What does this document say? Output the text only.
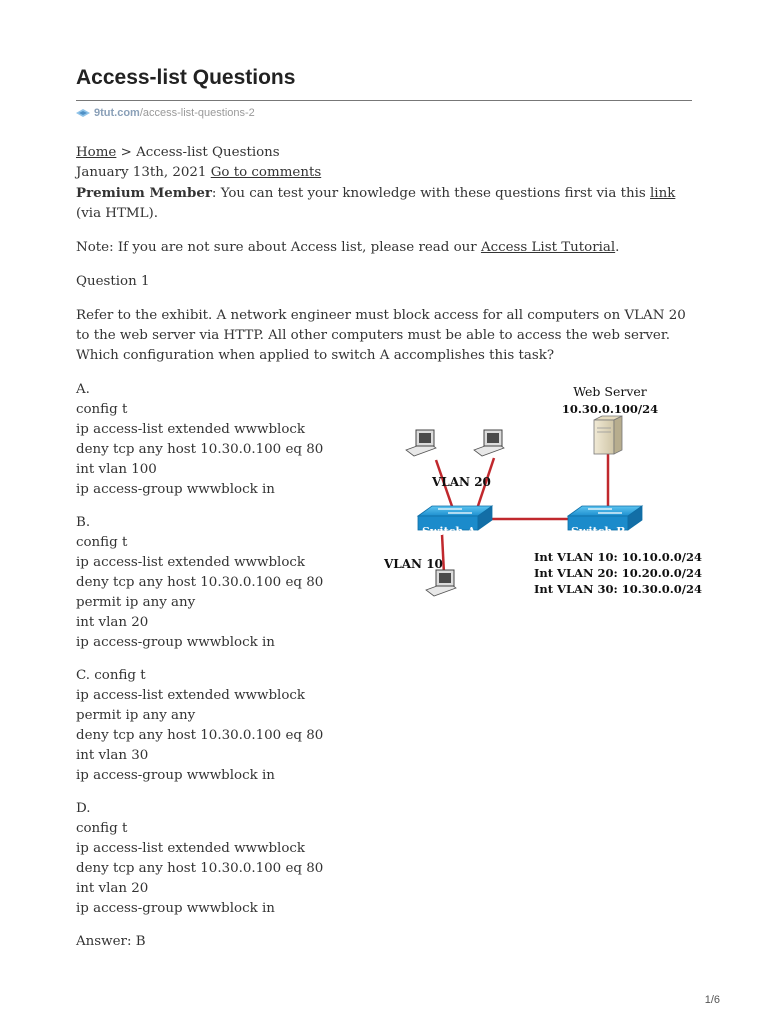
Access-list Questions
9tut.com/access-list-questions-2

Home > Access-list Questions

January 13th, 2021 Go to comments

Premium Member: You can test your knowledge with these questions first via this link
(via HTML).

Note: If you are not sure about Access list, please read our Access List Tutorial.

Question 1

Refer to the exhibit. A network engineer must block access for all computers on VLAN 20 to the web server via HTTP. All other computers must be able to access the web server. Which configuration when applied to switch A accomplishes this task?

A.

config t

ip access-list extended wwwblock

deny tcp any host 10.30.0.100 eq 80

int vlan 100

ip access-group wwwblock in

B.

config t

ip access-list extended wwwblock

deny tcp any host 10.30.0.100 eq 80

permit ip any any

int vlan 20

ip access-group wwwblock in

C. config t

ip access-list extended wwwblock

permit ip any any

deny tcp any host 10.30.0.100 eq 80

int vlan 30

ip access-group wwwblock in

D.

config t

ip access-list extended wwwblock

deny tcp any host 10.30.0.100 eq 80

int vlan 20

ip access-group wwwblock in

Answer: B

Web Server
10.30.0.100/24
VLAN 20
VLAN 10
Switch A	Switch B
Int VLAN 10: 10.10.0.0/24
Int VLAN 20: 10.20.0.0/24
Int VLAN 30: 10.30.0.0/24
1/6
